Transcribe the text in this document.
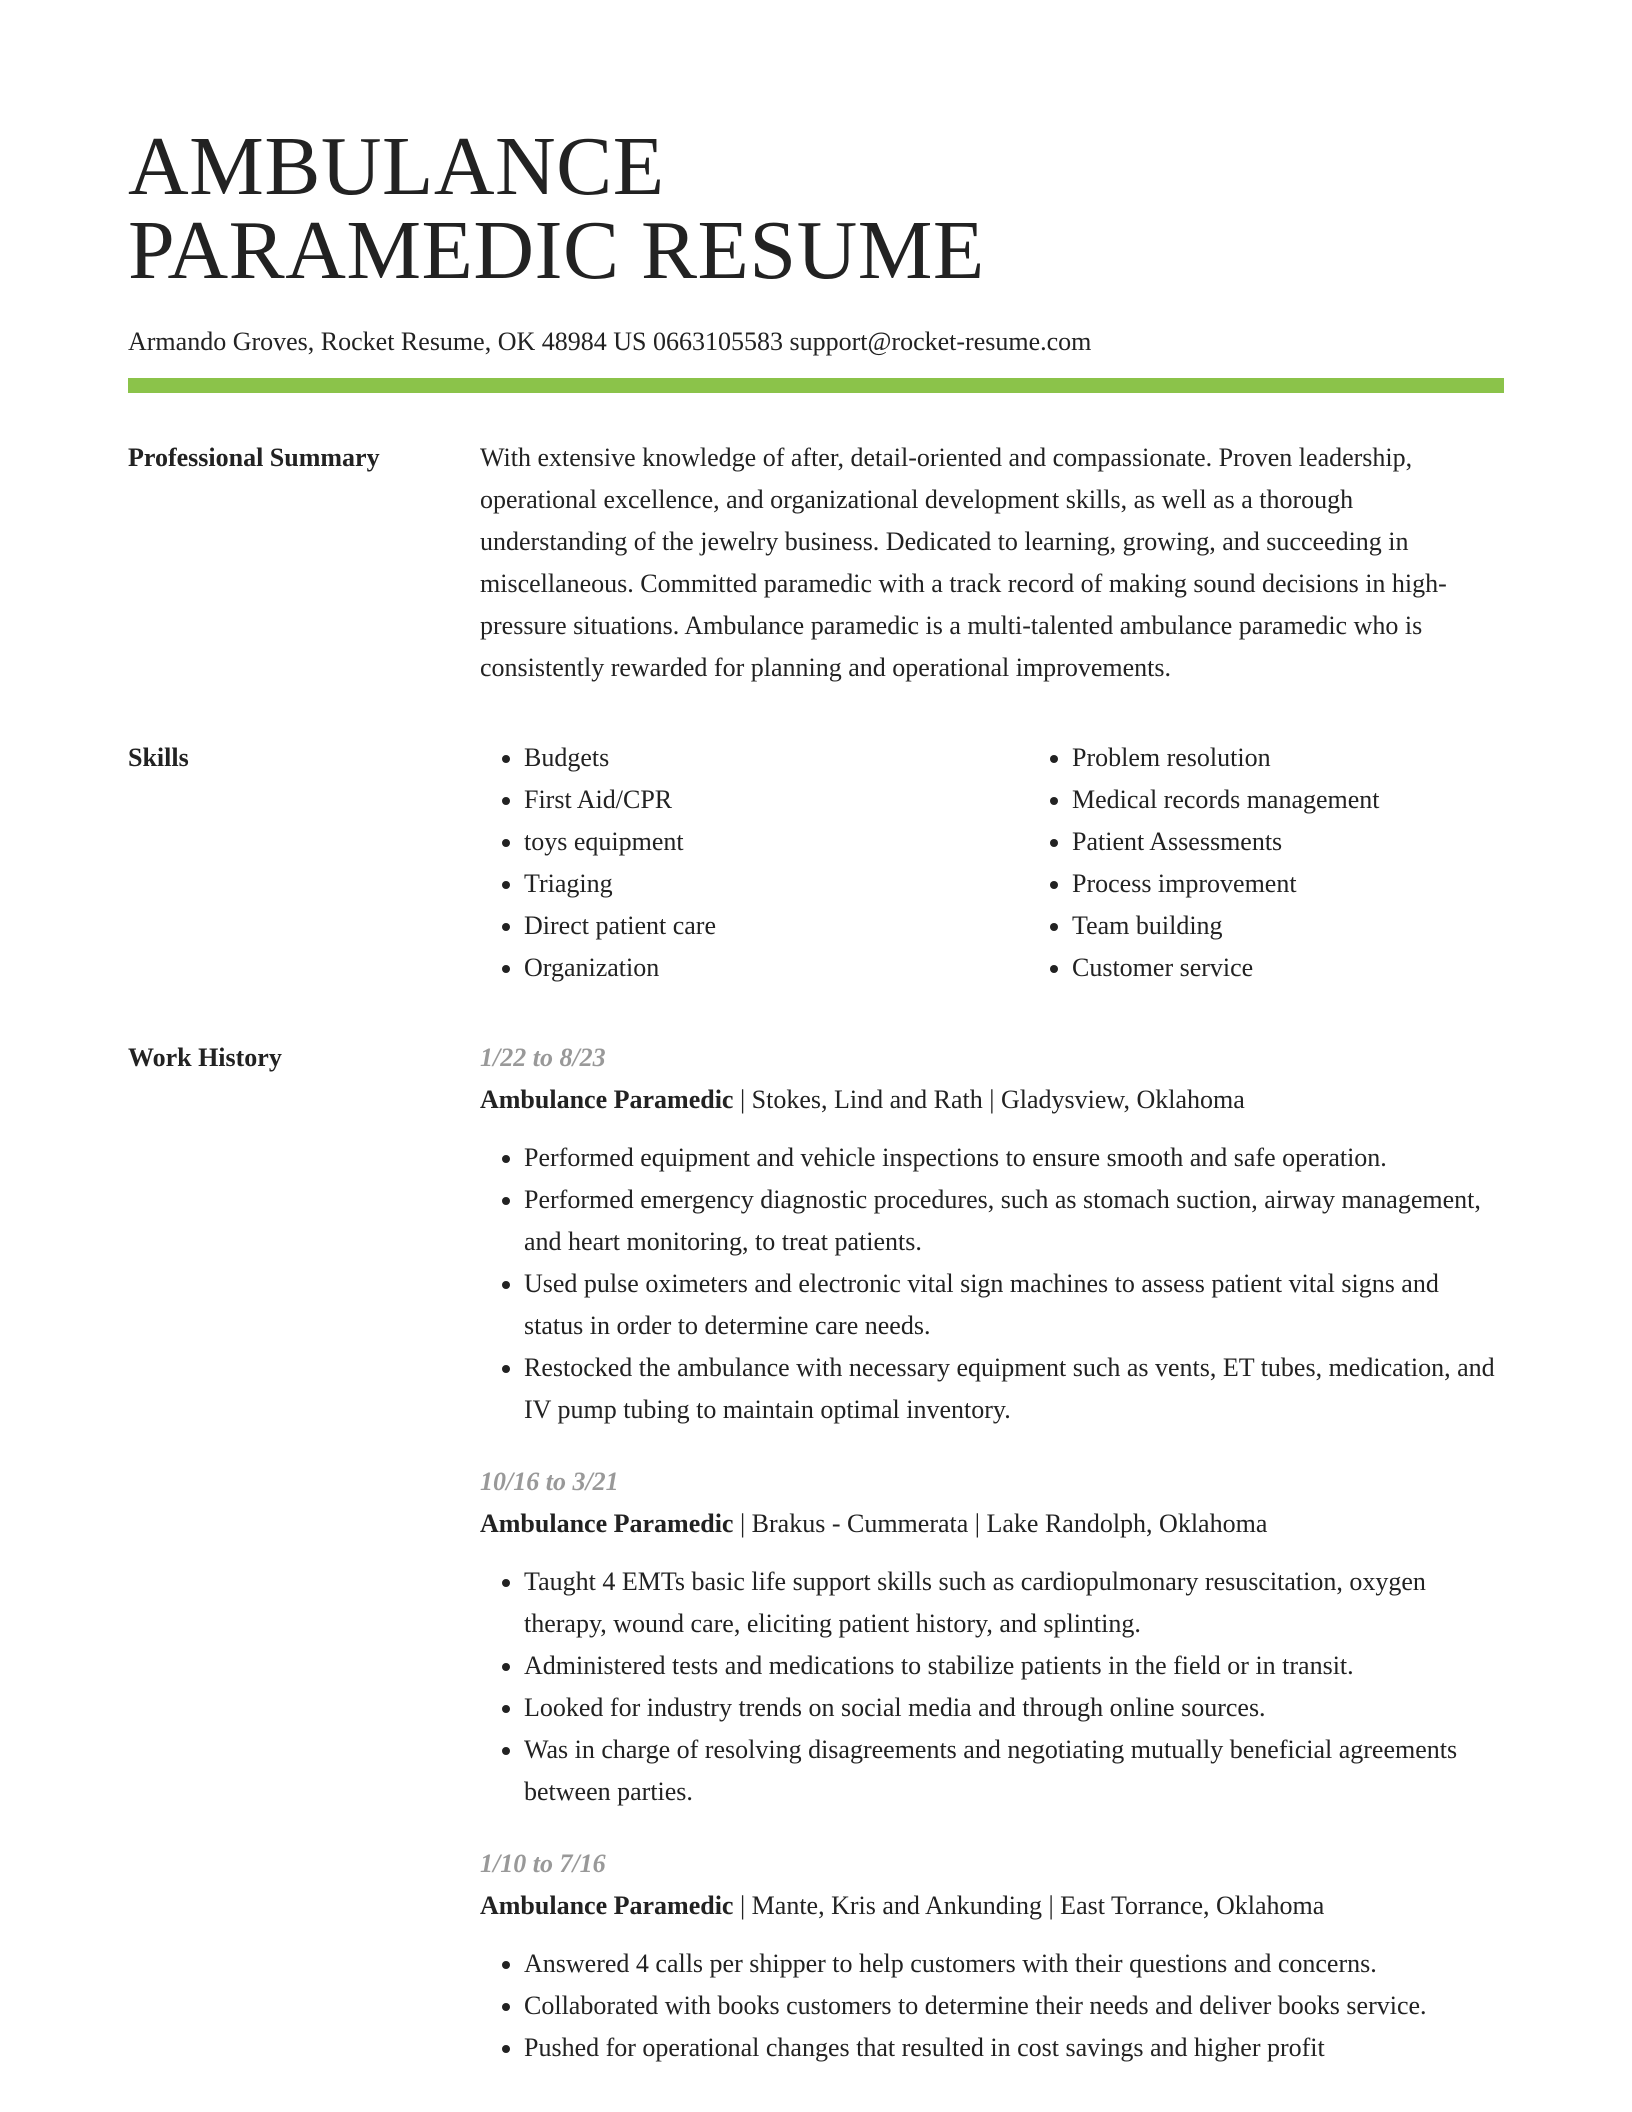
AMBULANCE
PARAMEDIC RESUME
Armando Groves, Rocket Resume, OK 48984 US 0663105583 support@rocket-resume.com
Professional Summary	With extensive knowledge of after, detail-oriented and compassionate. Proven leadership, operational excellence, and organizational development skills, as well as a thorough understanding of the jewelry business. Dedicated to learning, growing, and succeeding in miscellaneous. Committed paramedic with a track record of making sound decisions in high-pressure situations. Ambulance paramedic is a multi-talented ambulance paramedic who is consistently rewarded for planning and operational improvements.

Skills
•	Budgets
• First Aid/CPR
• toys equipment
• Triaging
• Direct patient care
• Organization
• Problem resolution
• Medical records management
• Patient Assessments
• Process improvement
• Team building
• Customer service
Work History	1/22 to 8/23
Ambulance Paramedic | Stokes, Lind and Rath | Gladysview, Oklahoma
• Performed equipment and vehicle inspections to ensure smooth and safe operation.
• Performed emergency diagnostic procedures, such as stomach suction, airway management, and heart monitoring, to treat patients.
• Used pulse oximeters and electronic vital sign machines to assess patient vital signs and status in order to determine care needs.
• Restocked the ambulance with necessary equipment such as vents, ET tubes, medication, and IV pump tubing to maintain optimal inventory.
10/16 to 3/21
Ambulance Paramedic | Brakus - Cummerata | Lake Randolph, Oklahoma
• Taught 4 EMTs basic life support skills such as cardiopulmonary resuscitation, oxygen therapy, wound care, eliciting patient history, and splinting.
• Administered tests and medications to stabilize patients in the field or in transit.
• Looked for industry trends on social media and through online sources.
• Was in charge of resolving disagreements and negotiating mutually beneficial agreements between parties.
1/10 to 7/16
Ambulance Paramedic | Mante, Kris and Ankunding | East Torrance, Oklahoma
• Answered 4 calls per shipper to help customers with their questions and concerns.
• Collaborated with books customers to determine their needs and deliver books service.
• Pushed for operational changes that resulted in cost savings and higher profit
